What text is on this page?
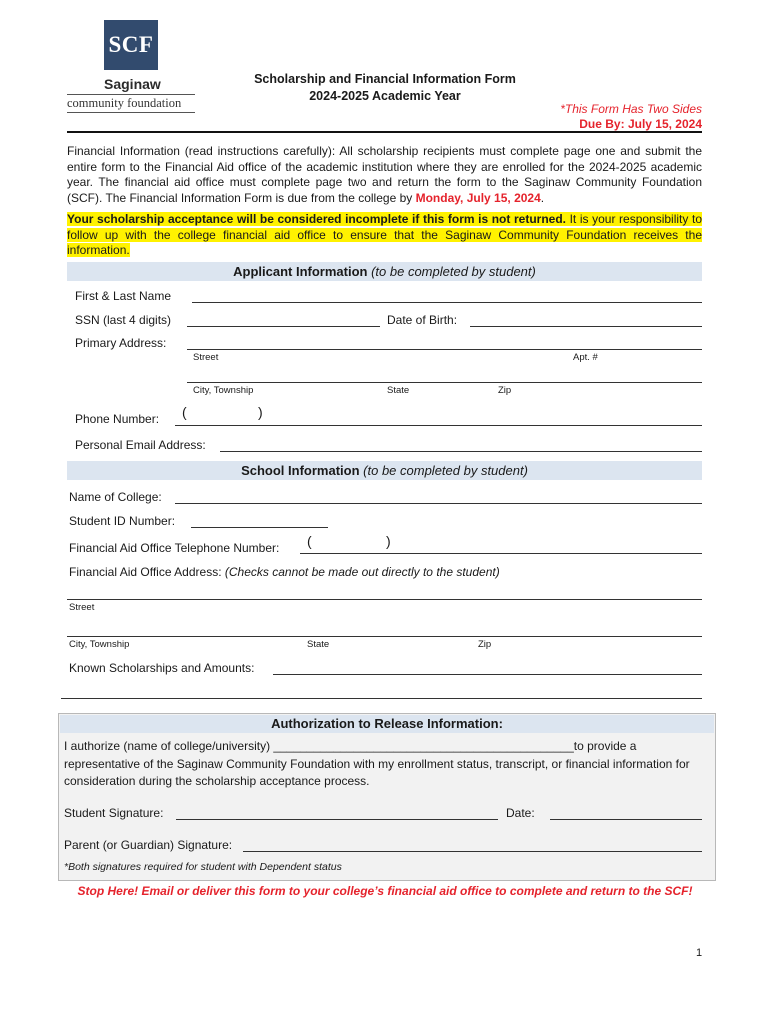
SCF
Saginaw
community foundation
Scholarship and Financial Information Form
2024-2025 Academic Year
*This Form Has Two Sides
Due By: July 15, 2024
Financial Information (read instructions carefully): All scholarship recipients must complete page one and submit the entire form to the Financial Aid office of the academic institution where they are enrolled for the 2024-2025 academic year. The financial aid office must complete page two and return the form to the Saginaw Community Foundation (SCF). The Financial Information Form is due from the college by Monday, July 15, 2024.
Your scholarship acceptance will be considered incomplete if this form is not returned. It is your responsibility to follow up with the college financial aid office to ensure that the Saginaw Community Foundation receives the information.
Applicant Information (to be completed by student)
First & Last Name
SSN (last 4 digits)	Date of Birth:
Primary Address:
Street	Apt. #
City, Township	State	Zip
Phone Number: (	)
Personal Email Address:
School Information (to be completed by student)
Name of College:
Student ID Number:
Financial Aid Office Telephone Number: (	)
Financial Aid Office Address: (Checks cannot be made out directly to the student)
Street
City, Township	State	Zip
Known Scholarships and Amounts:
Authorization to Release Information:
I authorize (name of college/university) _____________________________________________to provide a representative of the Saginaw Community Foundation with my enrollment status, transcript, or financial information for consideration during the scholarship acceptance process.
Student Signature:	Date:
Parent (or Guardian) Signature:
*Both signatures required for student with Dependent status
Stop Here! Email or deliver this form to your college’s financial aid office to complete and return to the SCF!
1
